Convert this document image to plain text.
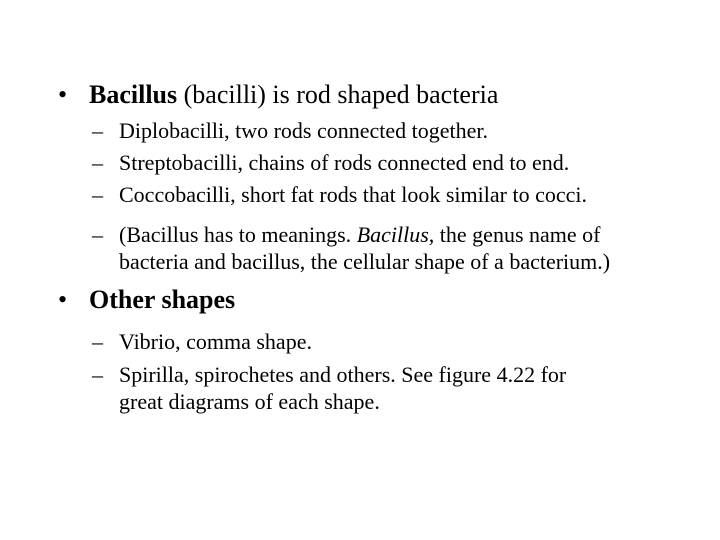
• Bacillus (bacilli) is rod shaped bacteria
– Diplobacilli, two rods connected together.
– Streptobacilli, chains of rods connected end to end.
– Coccobacilli, short fat rods that look similar to cocci.
– (Bacillus has to meanings. Bacillus, the genus name of
bacteria and bacillus, the cellular shape of a bacterium.)
• Other shapes
– Vibrio, comma shape.
– Spirilla, spirochetes and others. See figure 4.22 for
great diagrams of each shape.
